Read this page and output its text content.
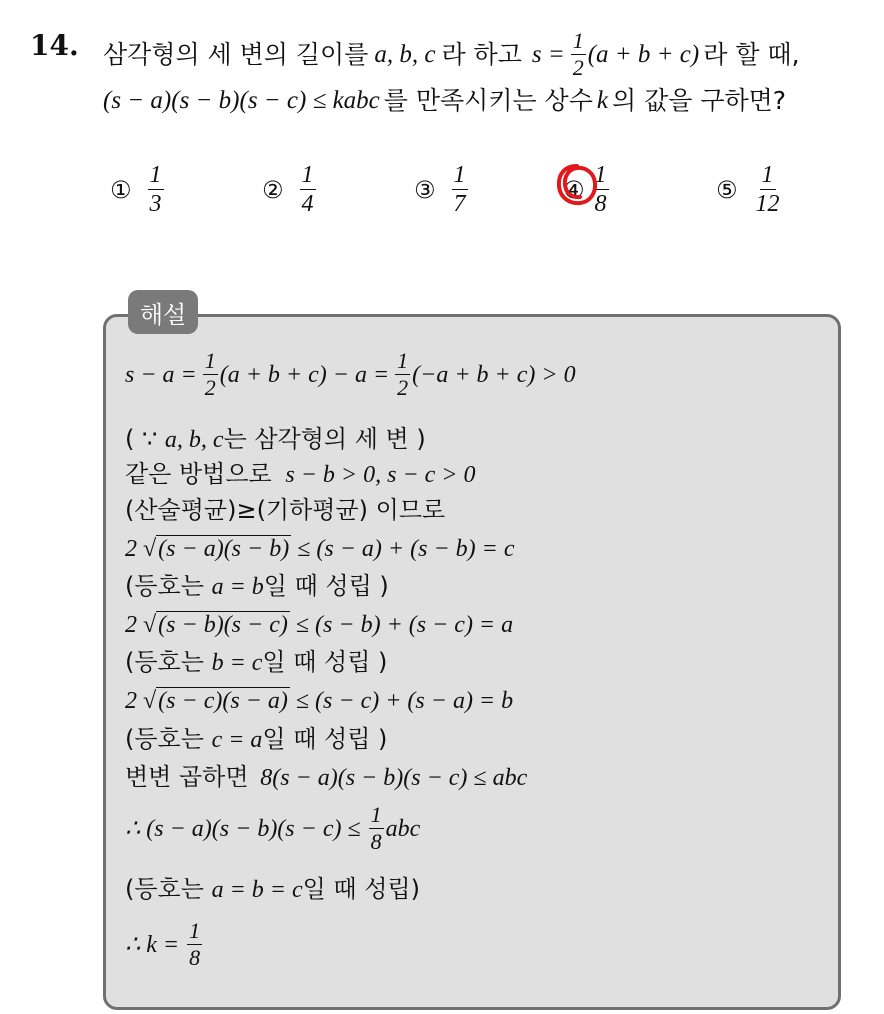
14. 삼각형의 세 변의 길이를 a, b, c 라 하고 $s = \frac{1}{2} (a + b + c)$ 라 할 때,
(s − a)(s − b)(s − c) ≤ kabc 를 만족시키는 상수 k 의 값을 구하면?
① $\frac{1}{3}$	② $\frac{1}{4}$	③ $\frac{1}{7}$	④ $\frac{1}{8}$	⑤ $\frac{1}{12}$
해설
$s - a = \frac{1}{2} (a + b + c) - a = \frac{1}{2} (-a + b + c) > 0$
( ∵ a, b, c는 삼각형의 세 변 )
같은 방법으로 s − b > 0, s − c > 0
(산술평균)≥(기하평균) 이므로
2 √(s − a)(s − b) ≤ (s − a) + (s − b) = c
(등호는 a = b일 때 성립 )
2 √(s − b)(s − c) ≤ (s − b) + (s − c) = a
(등호는 b = c일 때 성립 )
2 √(s − c)(s − a) ≤ (s − c) + (s − a) = b
(등호는 c = a일 때 성립 )
변변 곱하면 8(s − a)(s − b)(s − c) ≤ abc
∴ $(s - a)(s - b)(s - c) \le \frac{1}{8}$ abc
(등호는 a = b = c일 때 성립)
∴ $k = \frac{1}{8}$
